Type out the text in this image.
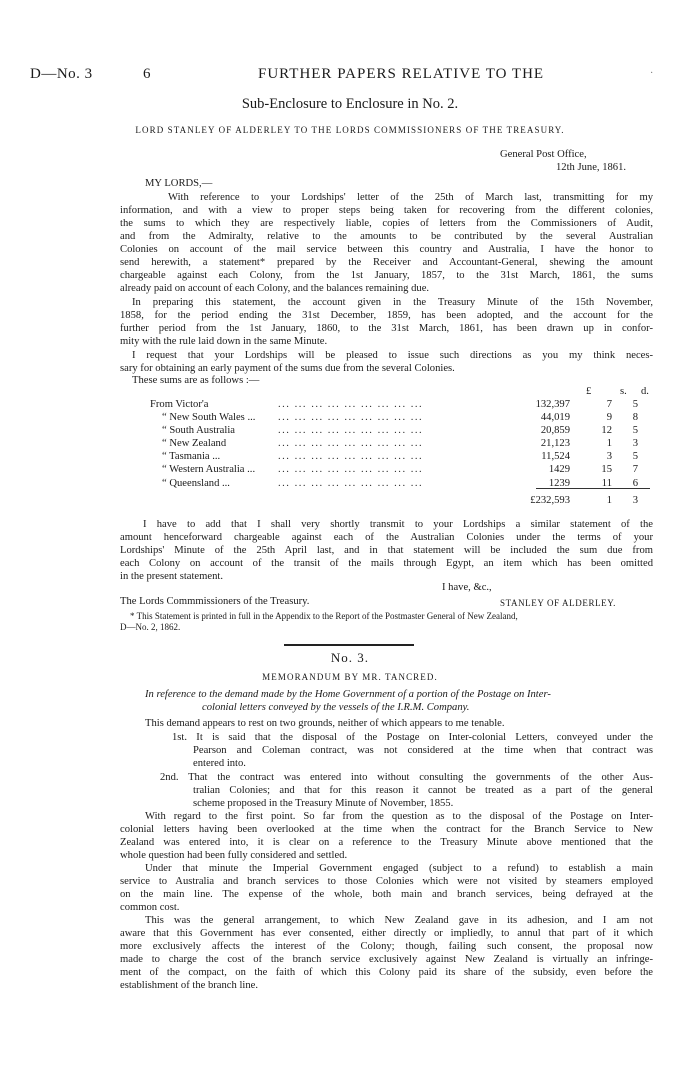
D—No. 3	6	FURTHER PAPERS RELATIVE TO THE	·
Sub-Enclosure to Enclosure in No. 2.
LORD STANLEY OF ALDERLEY TO THE LORDS COMMISSIONERS OF THE TREASURY.
General Post Office,
12th June, 1861.
MY LORDS,—
With reference to your Lordships' letter of the 25th of March last, transmitting for my
information, and with a view to proper steps being taken for recovering from the different colonies,
the sums to which they are respectively liable, copies of letters from the Commissioners of Audit,
and from the Admiralty, relative to the amounts to be contributed by the several Australian
Colonies on account of the mail service between this country and Australia, I have the honor to
send herewith, a statement* prepared by the Receiver and Accountant-General, shewing the amount
chargeable against each Colony, from the 1st January, 1857, to the 31st March, 1861, the sums
already paid on account of each Colony, and the balances remaining due.
In preparing this statement, the account given in the Treasury Minute of the 15th November,
1858, for the period ending the 31st December, 1859, has been adopted, and the account for the
further period from the 1st January, 1860, to the 31st March, 1861, has been drawn up in confor-
mity with the rule laid down in the same Minute.
I request that your Lordships will be pleased to issue such directions as you my think neces-
sary for obtaining an early payment of the sums due from the several Colonies.
These sums are as follows :—
£	s. d.
From Victor'a	... ... ... ... ... ... ... ... ...	132,397	7 5
“ New South Wales ... ... ... ... ... ... ... ... ... ...	44,019	9 8
“ South Australia	... ... ... ... ... ... ... ... ...	20,859	12 5
“ New Zealand	... ... ... ... ... ... ... ... ...	21,123	1 3
“ Tasmania ...	... ... ... ... ... ... ... ... ...	11,524	3 5
“ Western Australia ... ... ... ... ... ... ... ... ... ...	1429	15 7
“ Queensland ...	... ... ... ... ... ... ... ... ...	1239	11 6
£232,593	1 3
I have to add that I shall very shortly transmit to your Lordships a similar statement of the
amount henceforward chargeable against each of the Australian Colonies under the terms of your
Lordships' Minute of the 25th April last, and in that statement will be included the sum due from
each Colony on account of the transit of the mails through Egypt, an item which has been omitted
in the present statement.
I have, &c.,
The Lords Commmissioners of the Treasury.	STANLEY OF ALDERLEY.
* This Statement is printed in full in the Appendix to the Report of the Postmaster General of New Zealand,
D—No. 2, 1862.
No. 3.
MEMORANDUM BY MR. TANCRED.
In reference to the demand made by the Home Government of a portion of the Postage on Inter-
colonial letters conveyed by the vessels of the I.R.M. Company.
This demand appears to rest on two grounds, neither of which appears to me tenable.
1st. It is said that the disposal of the Postage on Inter-colonial Letters, conveyed under the
Pearson and Coleman contract, was not considered at the time when that contract was
entered into.
2nd. That the contract was entered into without consulting the governments of the other Aus-
tralian Colonies; and that for this reason it cannot be treated as a part of the general
scheme proposed in the Treasury Minute of November, 1855.
With regard to the first point. So far from the question as to the disposal of the Postage on Inter-
colonial letters having been overlooked at the time when the contract for the Branch Service to New
Zealand was entered into, it is clear on a reference to the Treasury Minute above mentioned that the
whole question had been fully considered and settled.
Under that minute the Imperial Government engaged (subject to a refund) to establish a main
service to Australia and branch services to those Colonies which were not visited by steamers employed
on the main line. The expense of the whole, both main and branch services, being defrayed at the
common cost.
This was the general arrangement, to which New Zealand gave in its adhesion, and I am not
aware that this Government has ever consented, either directly or impliedly, to annul that part of it which
more exclusively affects the interest of the Colony; though, failing such consent, the proposal now
made to charge the cost of the branch service exclusively against New Zealand is virtually an infringe-
ment of the compact, on the faith of which this Colony paid its share of the subsidy, even before the
establishment of the branch line.
